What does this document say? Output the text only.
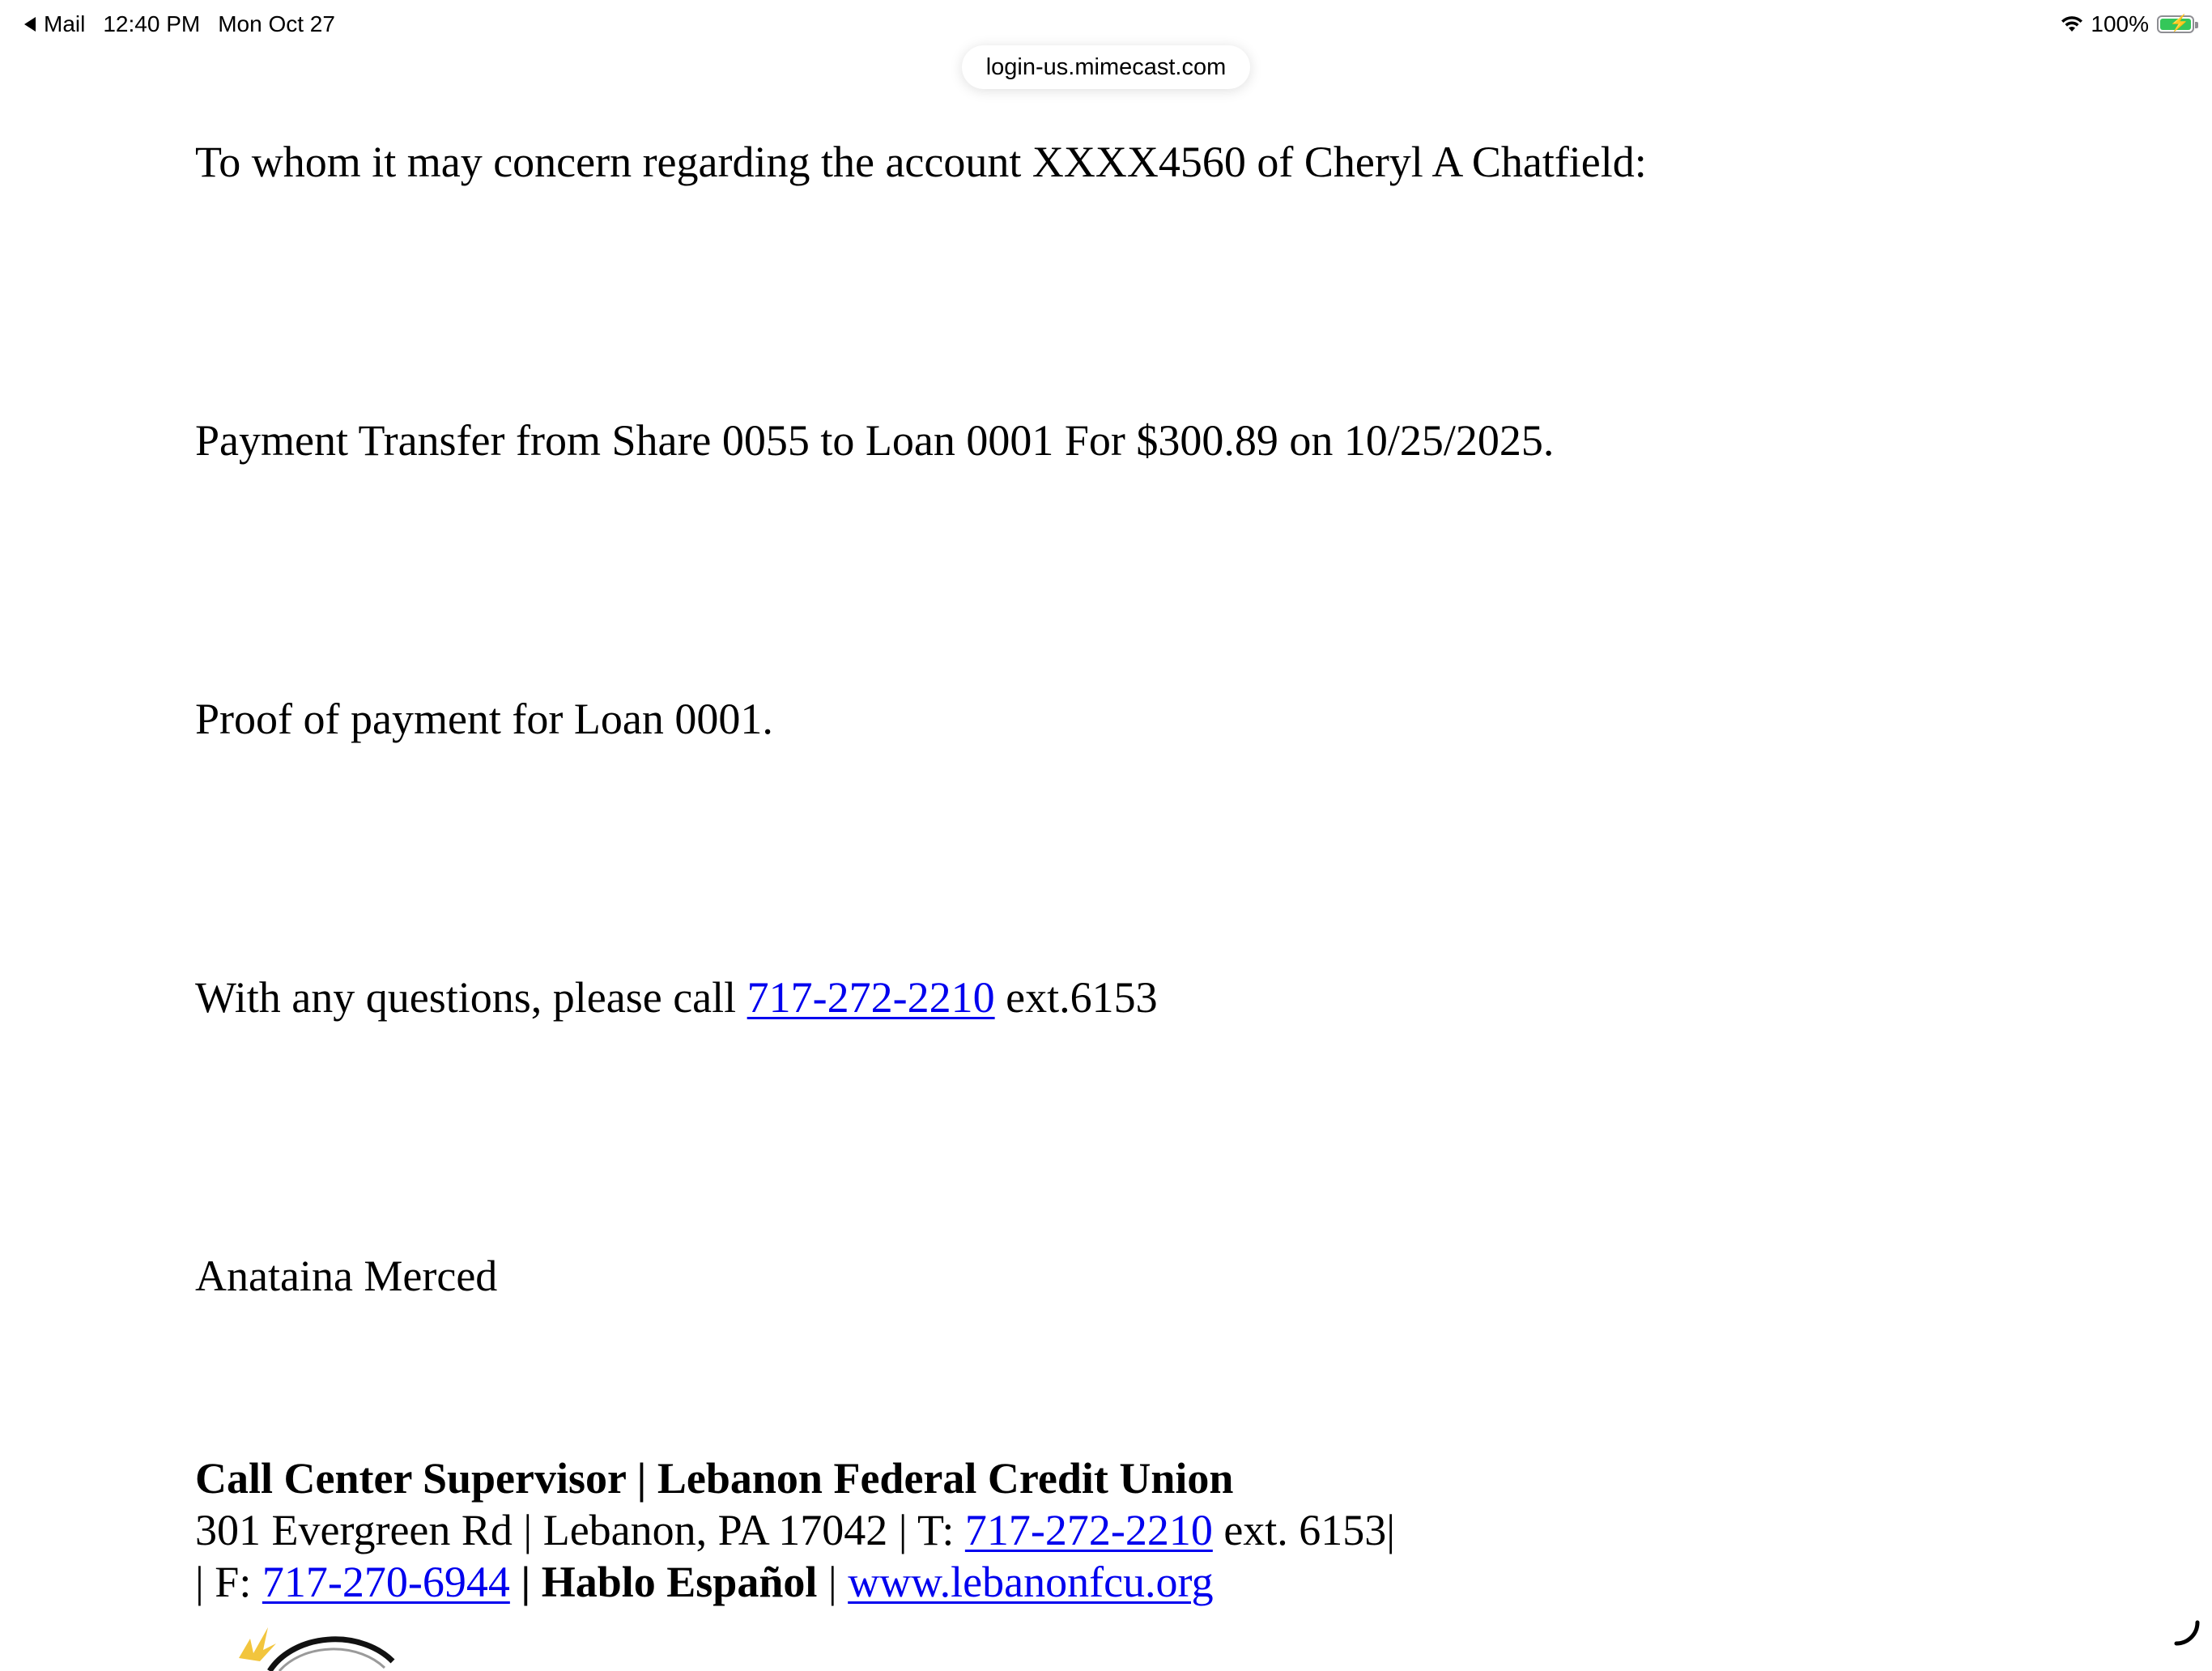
Mail 12:40 PM Mon Oct 27	100% ⚡
login-us.mimecast.com
To whom it may concern regarding the account XXXX4560 of Cheryl A Chatfield:
Payment Transfer from Share 0055 to Loan 0001 For $300.89 on 10/25/2025.
Proof of payment for Loan 0001.
With any questions, please call 717-272-2210 ext.6153
Anataina Merced
Call Center Supervisor | Lebanon Federal Credit Union
301 Evergreen Rd | Lebanon, PA 17042 | T: 717-272-2210 ext. 6153|
| F: 717-270-6944 | Hablo Español | www.lebanonfcu.org
